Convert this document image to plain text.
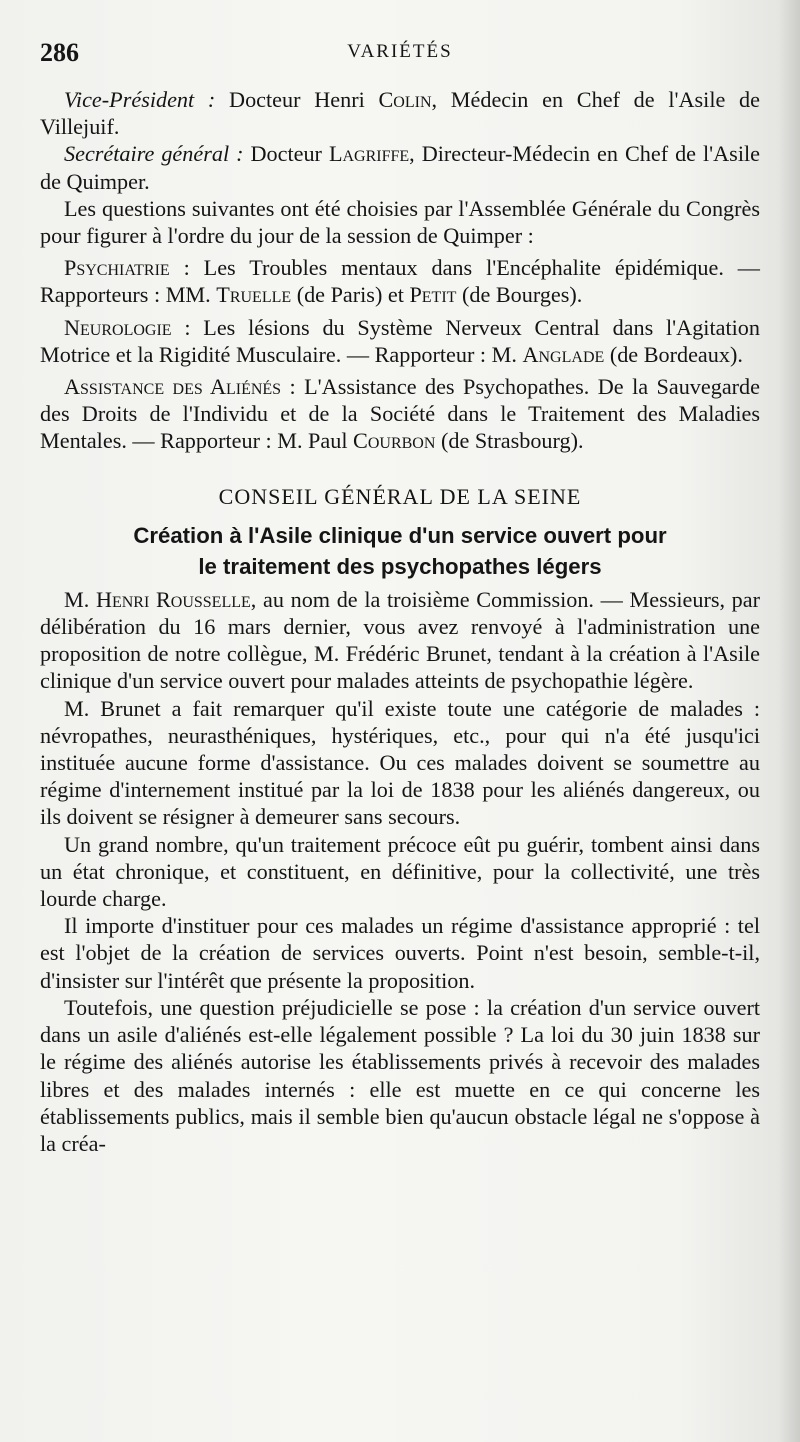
286	VARIÉTÉS

Vice-Président : Docteur Henri Colin, Médecin en Chef de l'Asile de Villejuif.

Secrétaire général : Docteur Lagriffe, Directeur-Médecin en Chef de l'Asile de Quimper.

Les questions suivantes ont été choisies par l'Assemblée Générale du Congrès pour figurer à l'ordre du jour de la session de Quimper :

Psychiatrie : Les Troubles mentaux dans l'Encéphalite épidémique. — Rapporteurs : MM. Truelle (de Paris) et Petit (de Bourges).

Neurologie : Les lésions du Système Nerveux Central dans l'Agitation Motrice et la Rigidité Musculaire. — Rapporteur : M. Anglade (de Bordeaux).

Assistance des Aliénés : L'Assistance des Psychopathes. De la Sauvegarde des Droits de l'Individu et de la Société dans le Traitement des Maladies Mentales. — Rapporteur : M. Paul Courbon (de Strasbourg).

CONSEIL GÉNÉRAL DE LA SEINE
Création à l'Asile clinique d'un service ouvert pour
le traitement des psychopathes légers

M. Henri Rousselle, au nom de la troisième Commission. — Messieurs, par délibération du 16 mars dernier, vous avez renvoyé à l'administration une proposition de notre collègue, M. Frédéric Brunet, tendant à la création à l'Asile clinique d'un service ouvert pour malades atteints de psychopathie légère.

M. Brunet a fait remarquer qu'il existe toute une catégorie de malades : névropathes, neurasthéniques, hystériques, etc., pour qui n'a été jusqu'ici instituée aucune forme d'assistance. Ou ces malades doivent se soumettre au régime d'internement institué par la loi de 1838 pour les aliénés dangereux, ou ils doivent se résigner à demeurer sans secours.

Un grand nombre, qu'un traitement précoce eût pu guérir, tombent ainsi dans un état chronique, et constituent, en définitive, pour la collectivité, une très lourde charge.

Il importe d'instituer pour ces malades un régime d'assistance approprié : tel est l'objet de la création de services ouverts. Point n'est besoin, semble-t-il, d'insister sur l'intérêt que présente la proposition.

Toutefois, une question préjudicielle se pose : la création d'un service ouvert dans un asile d'aliénés est-elle légalement possible ? La loi du 30 juin 1838 sur le régime des aliénés autorise les établissements privés à recevoir des malades libres et des malades internés : elle est muette en ce qui concerne les établissements publics, mais il semble bien qu'aucun obstacle légal ne s'oppose à la créa-
